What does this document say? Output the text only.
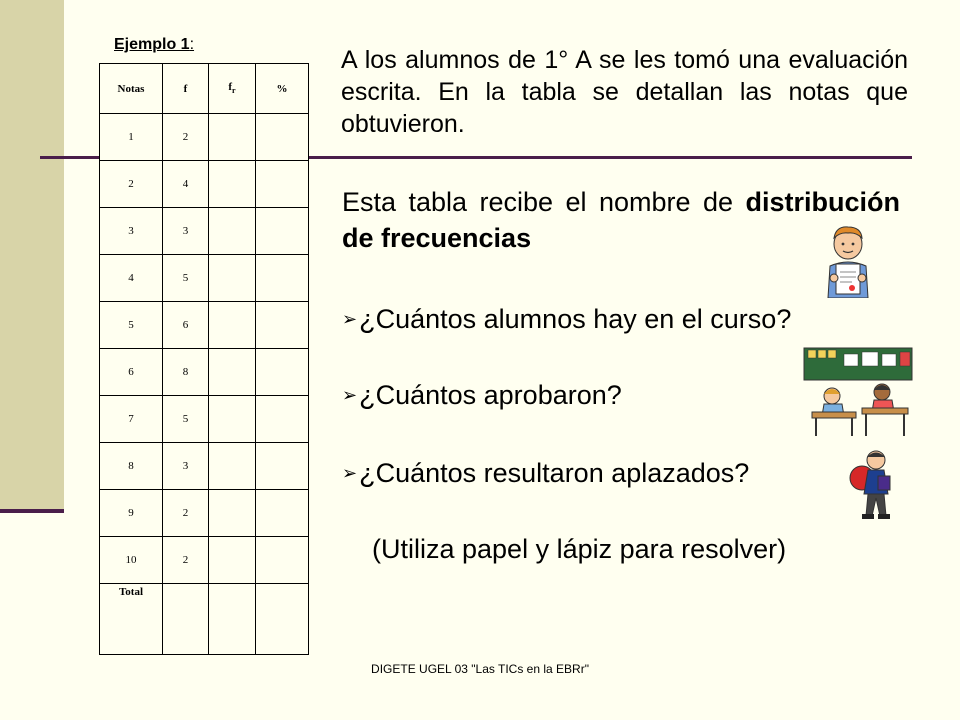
Ejemplo 1:
Notas	f	$f_r$	%
1	2		
2	4		
3	3		
4	5		
5	6		
6	8		
7	5		
8	3		
9	2		
10	2		
Total			
A los alumnos de 1° A se les tomó una evaluación escrita. En la tabla se detallan las notas que obtuvieron.
Esta tabla recibe el nombre de distribución de frecuencias
➢¿Cuántos alumnos hay en el curso?
➢¿Cuántos aprobaron?
➢¿Cuántos resultaron aplazados?
(Utiliza papel y lápiz para resolver)
DIGETE UGEL 03 "Las TICs en la EBRr"
